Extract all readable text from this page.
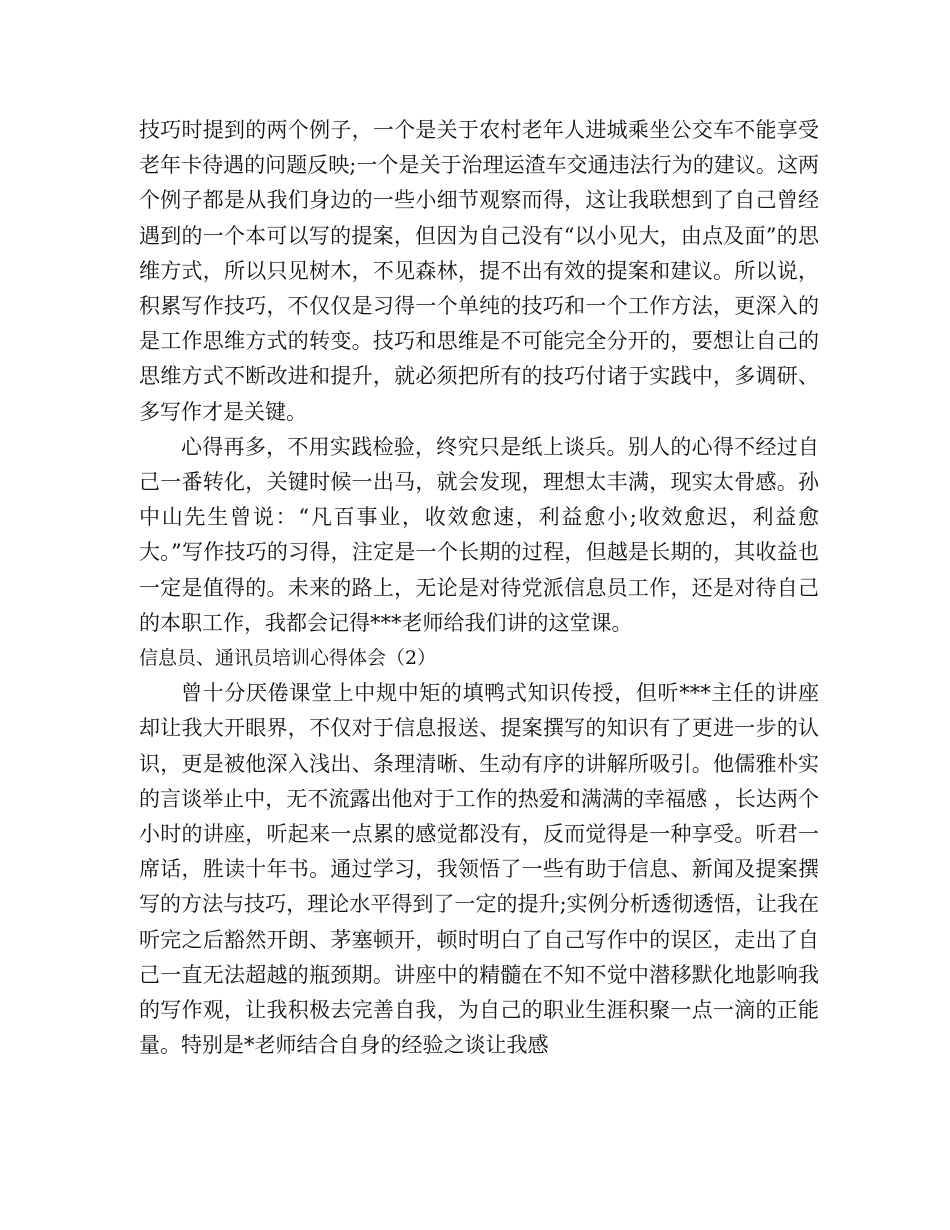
技巧时提到的两个例子，一个是关于农村老年人进城乘坐公交车不能享受老年卡待遇的问题反映;一个是关于治理运渣车交通违法行为的建议。这两个例子都是从我们身边的一些小细节观察而得，这让我联想到了自己曾经遇到的一个本可以写的提案，但因为自己没有“以小见大，由点及面”的思维方式，所以只见树木，不见森林，提不出有效的提案和建议。所以说，积累写作技巧，不仅仅是习得一个单纯的技巧和一个工作方法，更深入的是工作思维方式的转变。技巧和思维是不可能完全分开的，要想让自己的思维方式不断改进和提升，就必须把所有的技巧付诸于实践中，多调研、多写作才是关键。

心得再多，不用实践检验，终究只是纸上谈兵。别人的心得不经过自己一番转化，关键时候一出马，就会发现，理想太丰满，现实太骨感。孙中山先生曾说：“凡百事业，收效愈速，利益愈小;收效愈迟，利益愈大。”写作技巧的习得，注定是一个长期的过程，但越是长期的，其收益也一定是值得的。未来的路上，无论是对待党派信息员工作，还是对待自己的本职工作，我都会记得***老师给我们讲的这堂课。

信息员、通讯员培训心得体会（2）

曾十分厌倦课堂上中规中矩的填鸭式知识传授，但听***主任的讲座却让我大开眼界，不仅对于信息报送、提案撰写的知识有了更进一步的认识，更是被他深入浅出、条理清晰、生动有序的讲解所吸引。他儒雅朴实的言谈举止中，无不流露出他对于工作的热爱和满满的幸福感 ，长达两个小时的讲座，听起来一点累的感觉都没有，反而觉得是一种享受。听君一席话，胜读十年书。通过学习，我领悟了一些有助于信息、新闻及提案撰写的方法与技巧，理论水平得到了一定的提升;实例分析透彻透悟，让我在听完之后豁然开朗、茅塞顿开，顿时明白了自己写作中的误区，走出了自己一直无法超越的瓶颈期。讲座中的精髓在不知不觉中潜移默化地影响我的写作观，让我积极去完善自我，为自己的职业生涯积聚一点一滴的正能量。特别是*老师结合自身的经验之谈让我感
